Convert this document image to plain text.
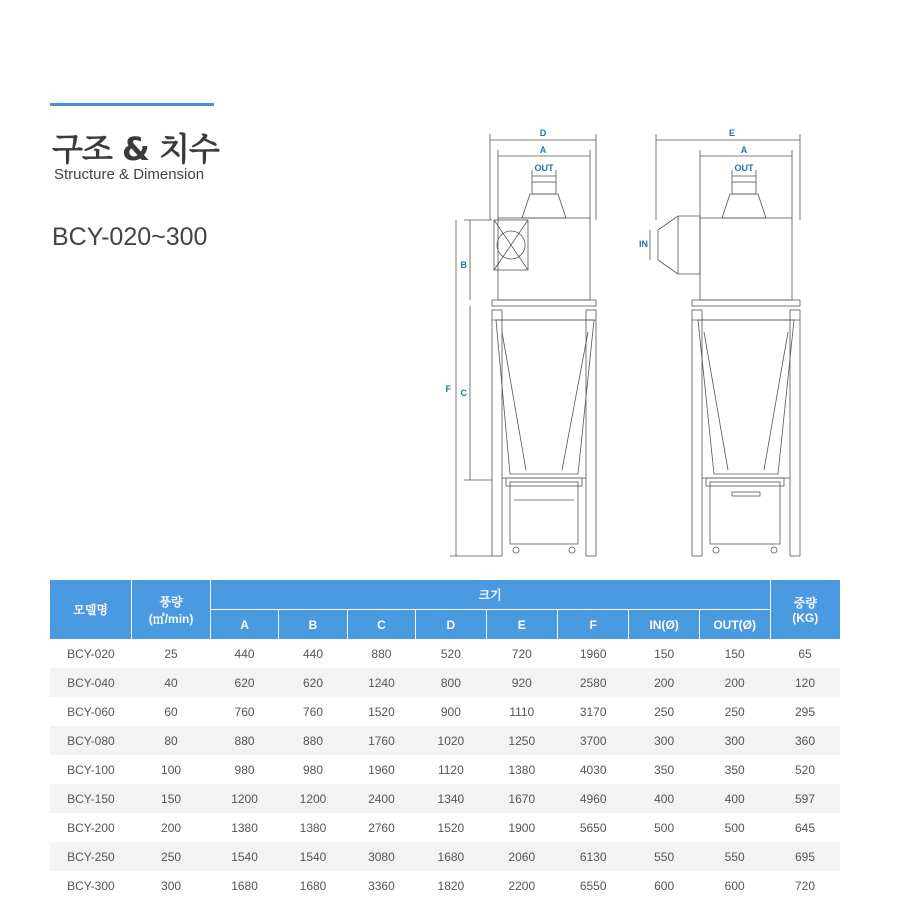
구조 & 치수
Structure & Dimension
BCY-020~300
D
A
OUT
B
C
F
E
A
OUT
IN
모델명	풍량
(㎥/min)	크기								중량
(KG)
		A	B	C	D	E	F	IN(Ø)	OUT(Ø)	
BCY-020	25	440	440	880	520	720	1960	150	150	65
BCY-040	40	620	620	1240	800	920	2580	200	200	120
BCY-060	60	760	760	1520	900	1110	3170	250	250	295
BCY-080	80	880	880	1760	1020	1250	3700	300	300	360
BCY-100	100	980	980	1960	1120	1380	4030	350	350	520
BCY-150	150	1200	1200	2400	1340	1670	4960	400	400	597
BCY-200	200	1380	1380	2760	1520	1900	5650	500	500	645
BCY-250	250	1540	1540	3080	1680	2060	6130	550	550	695
BCY-300	300	1680	1680	3360	1820	2200	6550	600	600	720
